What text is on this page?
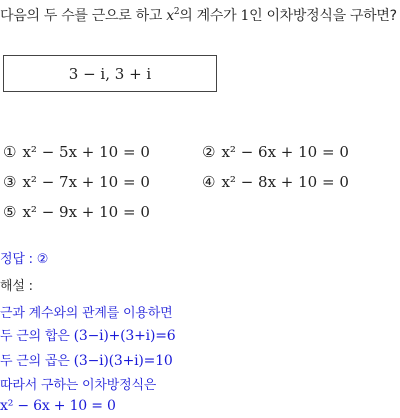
다음의 두 수를 근으로 하고 $x^2$의 계수가 1인 이차방정식을 구하면?
3 − i, 3 + i
① x² − 5x + 10 = 0	② x² − 6x + 10 = 0
③ x² − 7x + 10 = 0	④ x² − 8x + 10 = 0
⑤ x² − 9x + 10 = 0
정답 : ②
해설 :
근과 계수와의 관계를 이용하면
두 근의 합은 (3−i)+(3+i)=6
두 근의 곱은 (3−i)(3+i)=10
따라서 구하는 이차방정식은
x² − 6x + 10 = 0
